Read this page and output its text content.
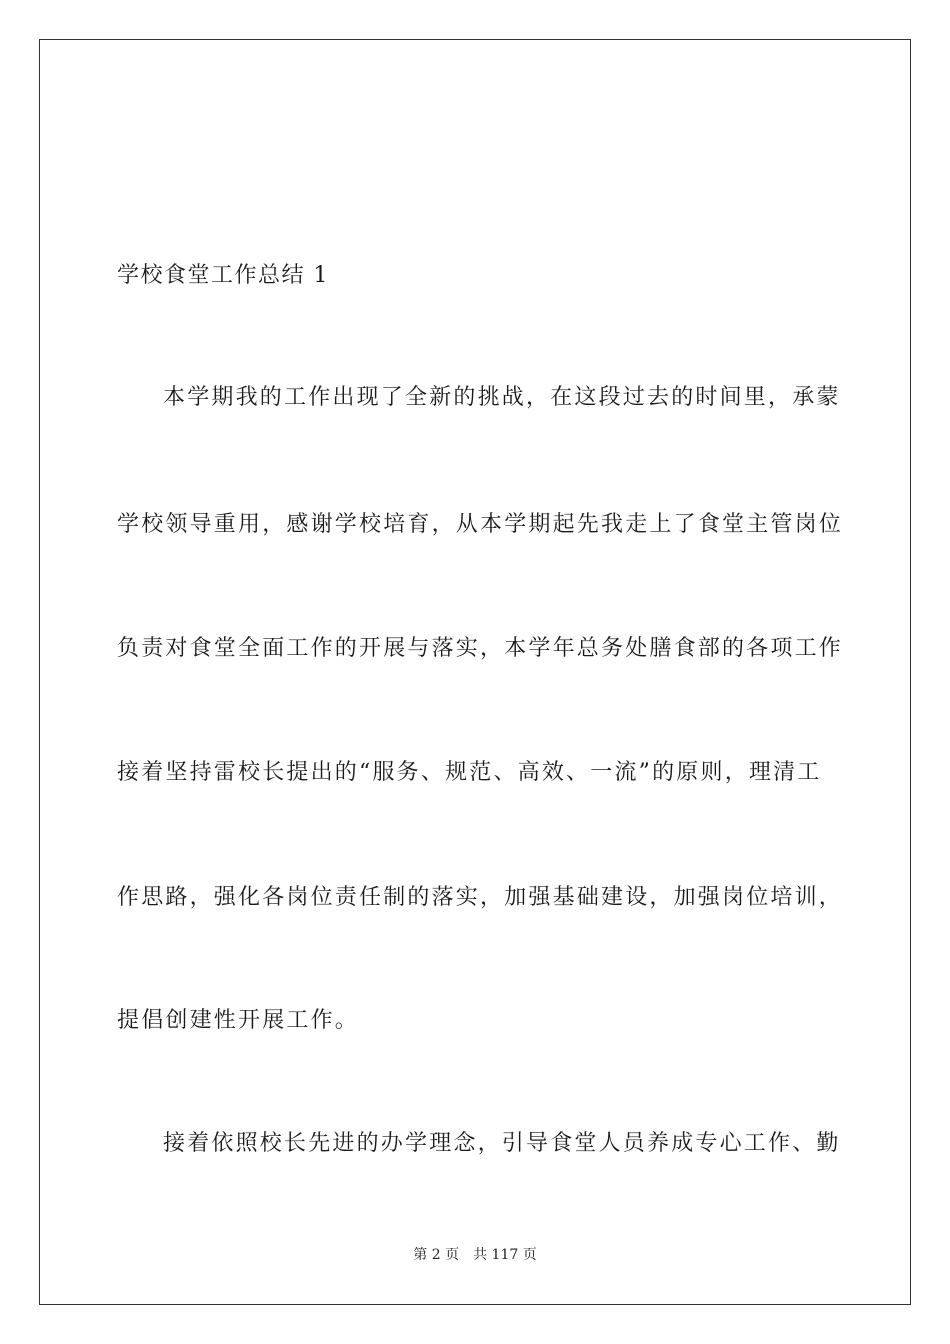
学校食堂工作总结 1
本学期我的工作出现了全新的挑战，在这段过去的时间里，承蒙
学校领导重用，感谢学校培育，从本学期起先我走上了食堂主管岗位
负责对食堂全面工作的开展与落实，本学年总务处膳食部的各项工作
接着坚持雷校长提出的“服务、规范、高效、一流”的原则，理清工
作思路，强化各岗位责任制的落实，加强基础建设，加强岗位培训，
提倡创建性开展工作。
接着依照校长先进的办学理念，引导食堂人员养成专心工作、勤
第 2 页 共 117 页
